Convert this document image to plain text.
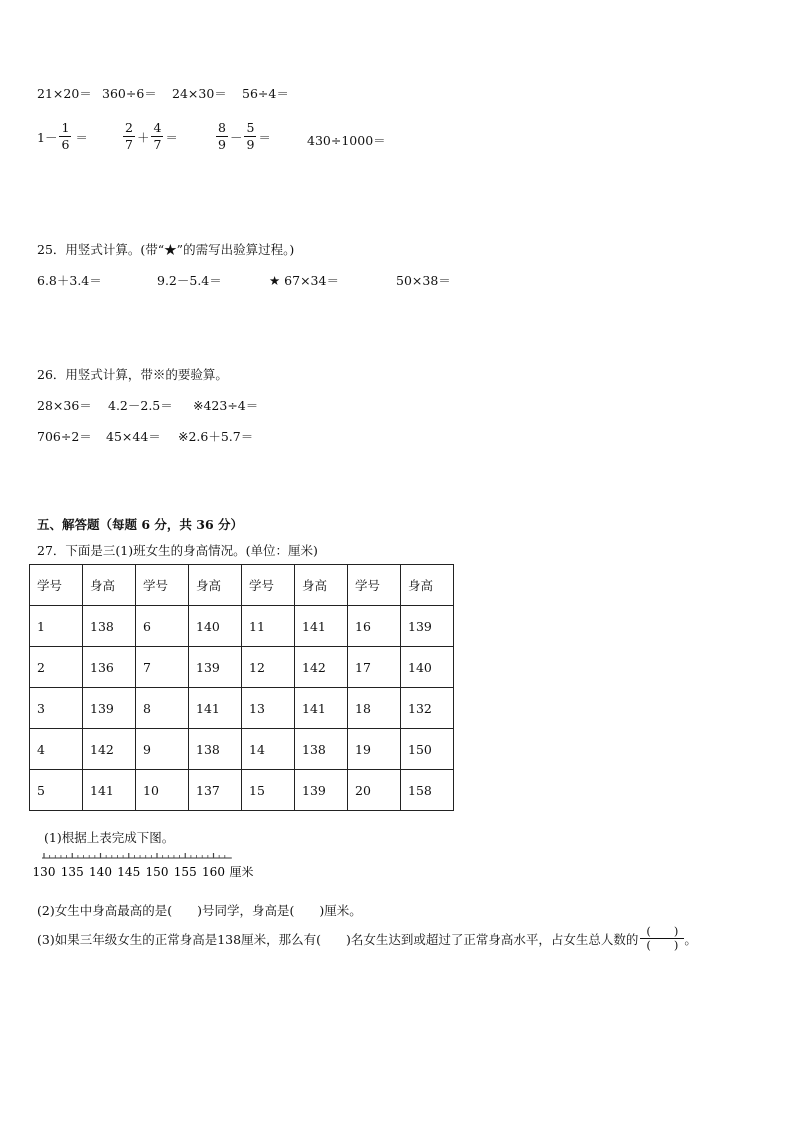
21×20＝ 360÷6＝ 24×30＝ 56÷4＝
$1- \frac{1}{6}$ ＝	$\frac{2}{7} + \frac{4}{7}$ ＝	$\frac{8}{9} - \frac{5}{9}$ ＝	430÷1000＝
25．用竖式计算。(带“★”的需写出验算过程。)
6.8＋3.4＝	9.2－5.4＝	★ 67×34＝	50×38＝
26．用竖式计算，带※的要验算。
28×36＝ 4.2－2.5＝ ※423÷4＝
706÷2＝ 45×44＝ ※2.6＋5.7＝
五、解答题（每题 6 分，共 36 分）
27．下面是三(1)班女生的身高情况。(单位：厘米)
学号	身高	学号	身高	学号	身高	学号	身高
1	138	6	140	11	141	16	139
2	136	7	139	12	142	17	140
3	139	8	141	13	141	18	132
4	142	9	138	14	138	19	150
5	141	10	137	15	139	20	158
(1)根据上表完成下图。
130 135 140 145 150 155 160 厘米
(2)女生中身高最高的是(　　)号同学，身高是(　　)厘米。
(3)如果三年级女生的正常身高是138厘米，那么有(　　)名女生达到或超过了正常身高水平，占女生总人数的 $\frac{( )}{( )}$ 。
